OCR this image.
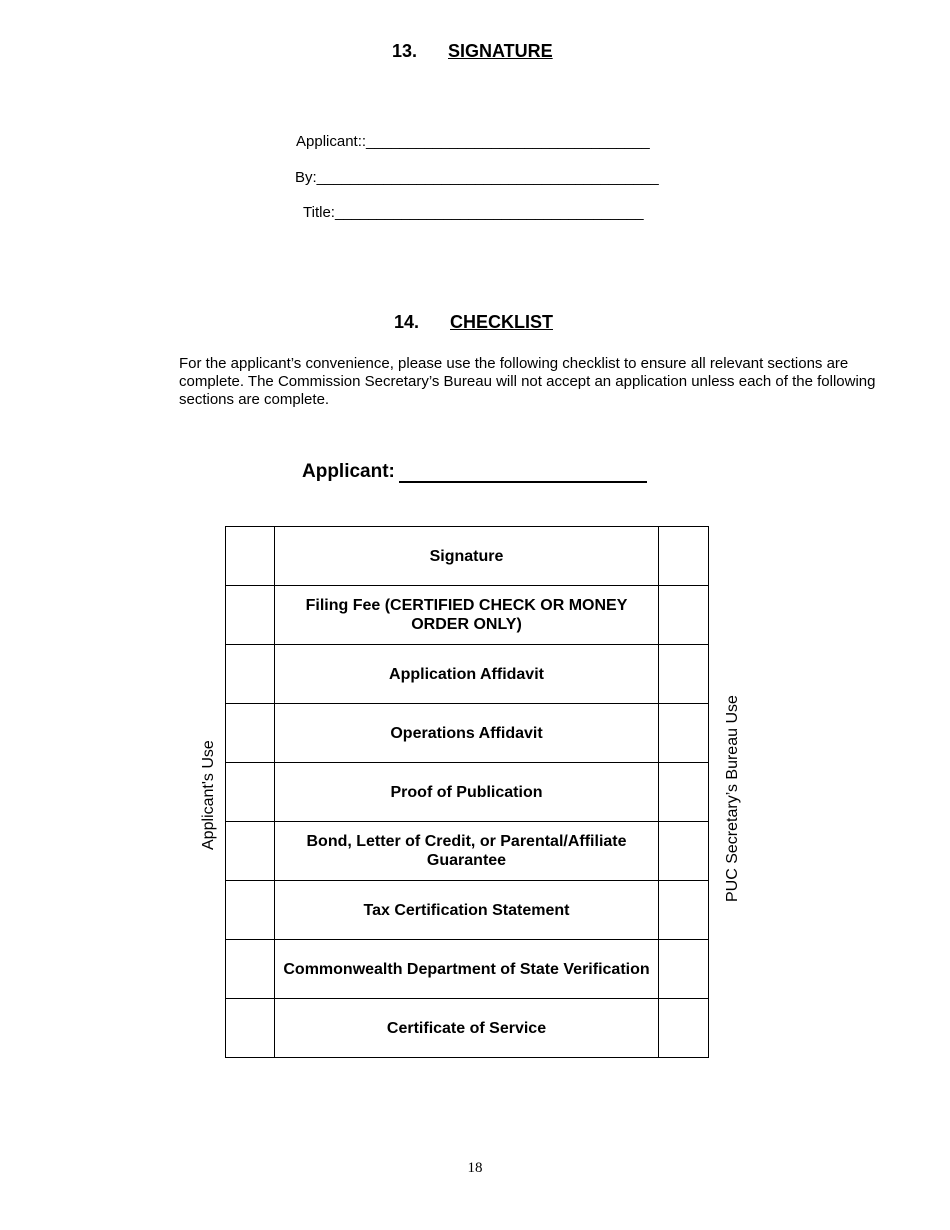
13. SIGNATURE
Applicant::__________________________________
By:_________________________________________
Title:_____________________________________
14. CHECKLIST
For the applicant’s convenience, please use the following checklist to ensure all relevant sections are complete. The Commission Secretary’s Bureau will not accept an application unless each of the following sections are complete.
Applicant:
Applicant's Use	PUC Secretary’s Bureau Use
	Signature	
	Filing Fee (CERTIFIED CHECK OR MONEY ORDER ONLY)	
	Application Affidavit	
	Operations Affidavit	
	Proof of Publication	
	Bond, Letter of Credit, or Parental/Affiliate Guarantee	
	Tax Certification Statement	
	Commonwealth Department of State Verification	
	Certificate of Service	
18
